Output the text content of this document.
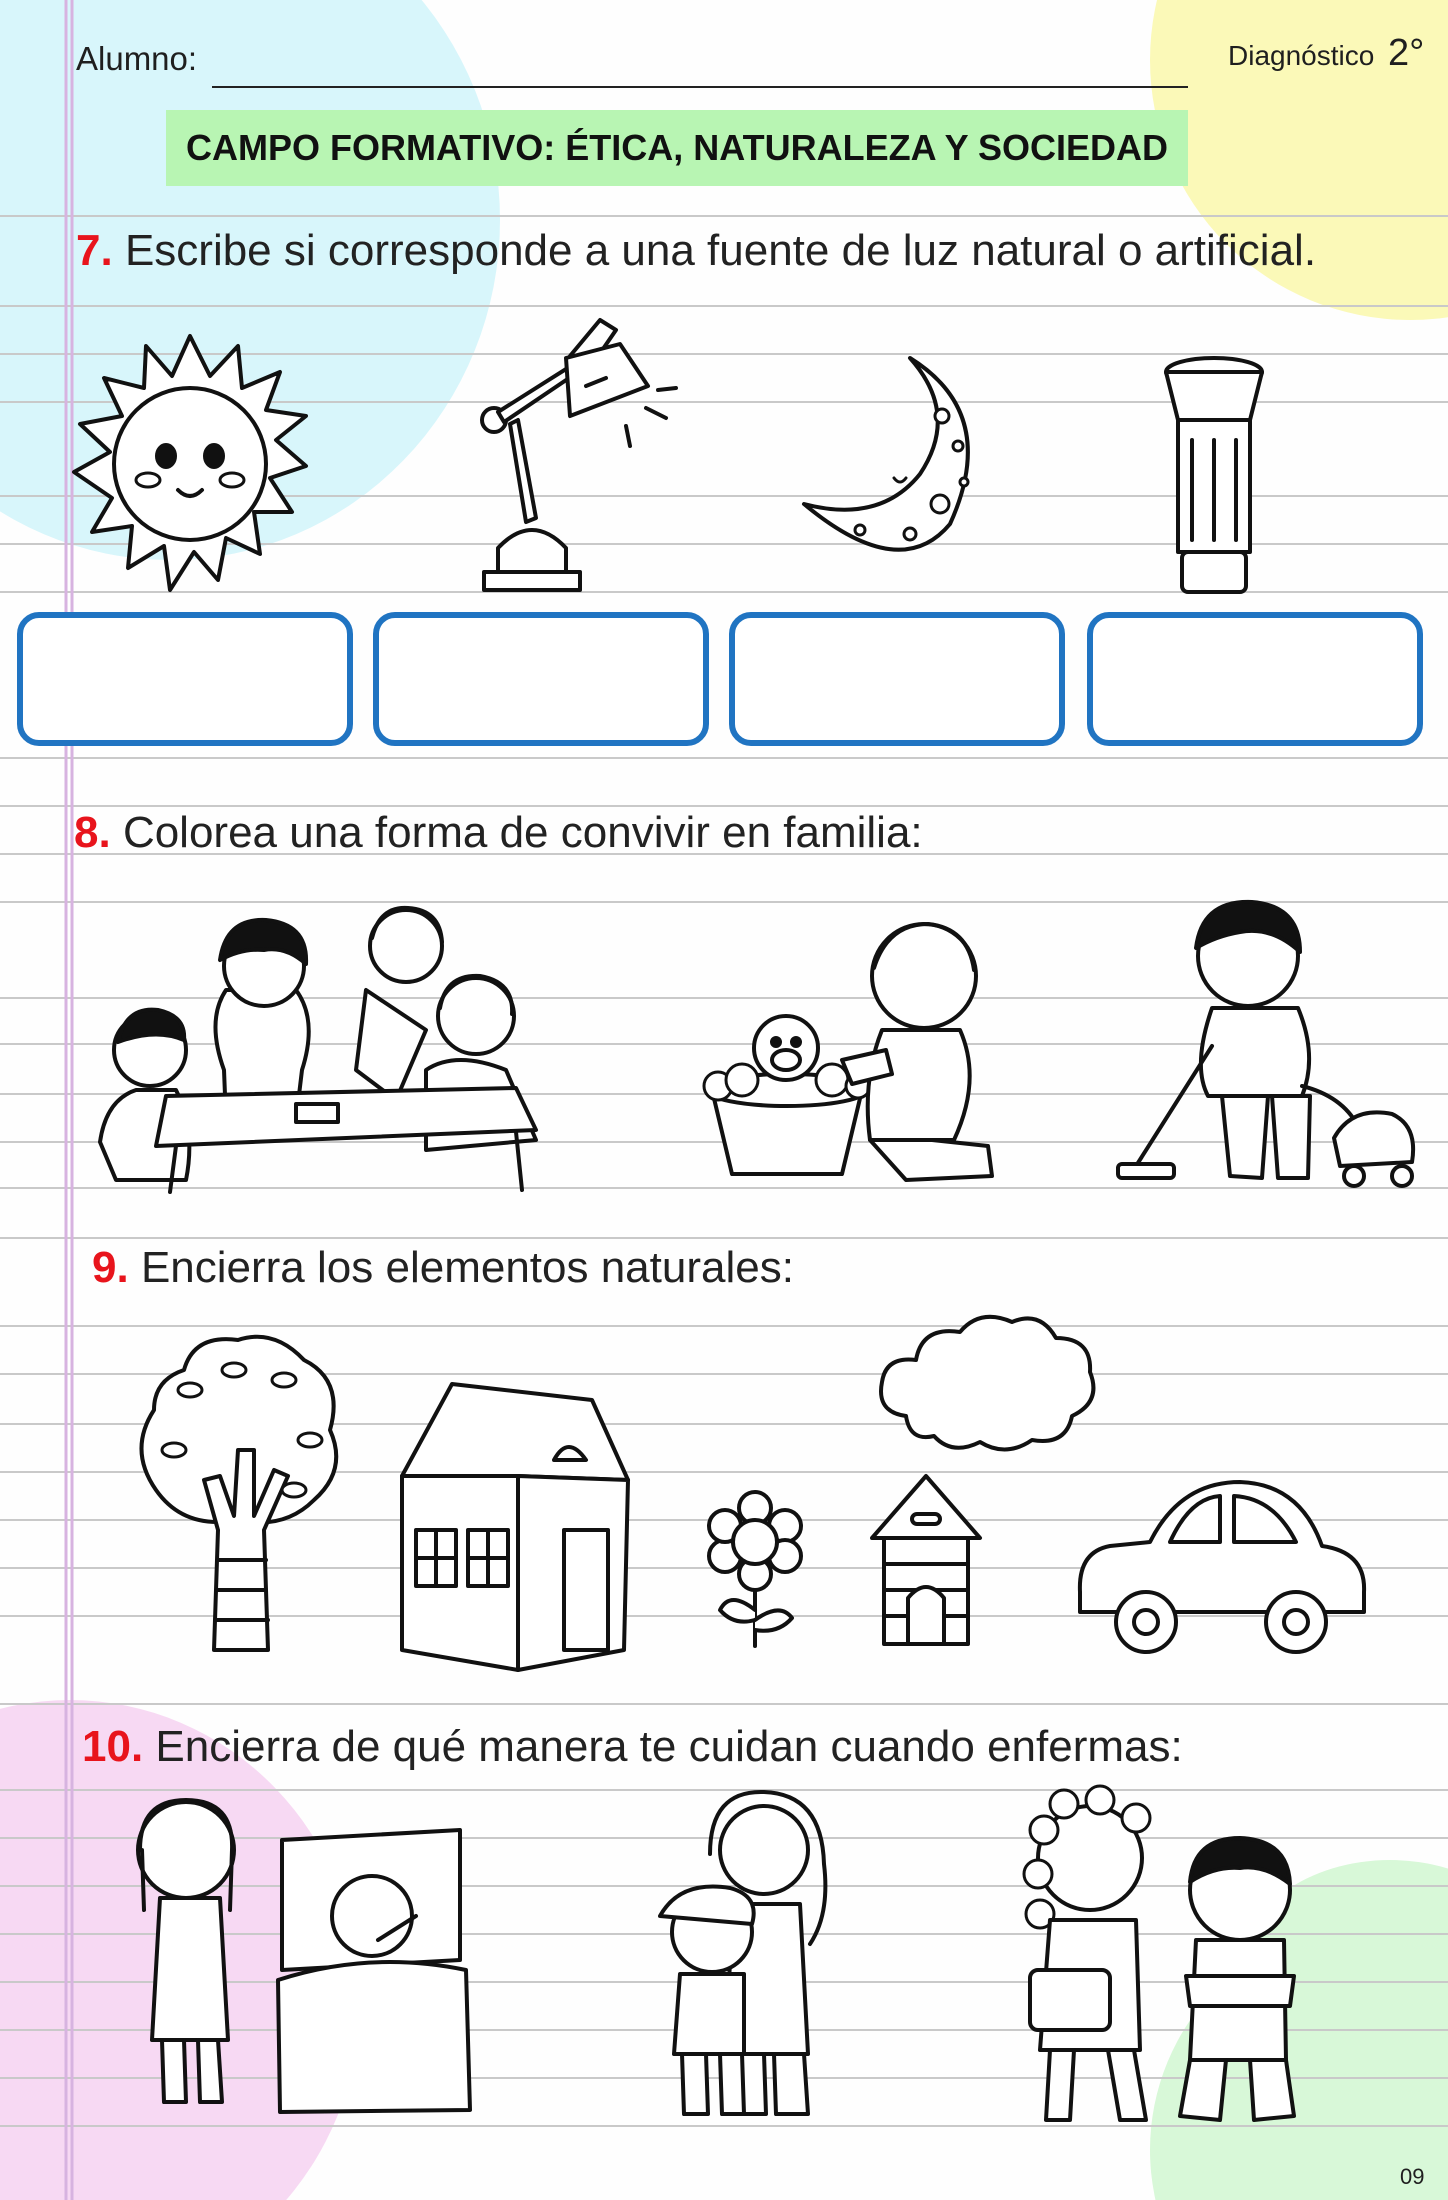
Alumno:	Diagnóstico 2°
CAMPO FORMATIVO: ÉTICA, NATURALEZA Y SOCIEDAD
7. Escribe si corresponde a una fuente de luz natural o artificial.
8. Colorea una forma de convivir en familia:
9. Encierra los elementos naturales:
10. Encierra de qué manera te cuidan cuando enfermas:
09
